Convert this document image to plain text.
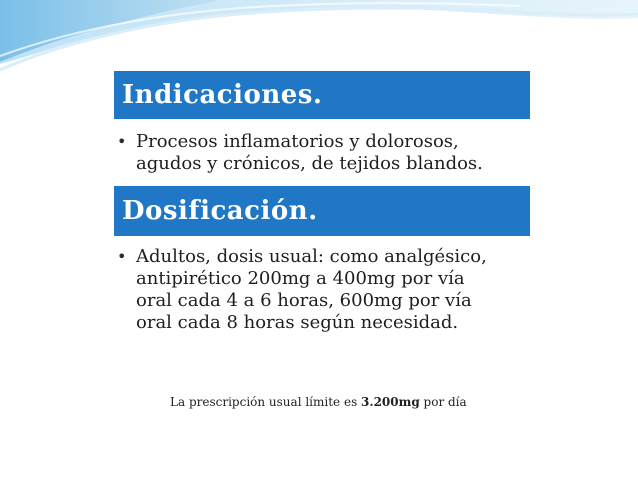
Indicaciones.
• Procesos inflamatorios y dolorosos,
agudos y crónicos, de tejidos blandos.
Dosificación.
• Adultos, dosis usual: como analgésico,
antipirético 200mg a 400mg por vía
oral cada 4 a 6 horas, 600mg por vía
oral cada 8 horas según necesidad.
La prescripción usual límite es 3.200mg por día
